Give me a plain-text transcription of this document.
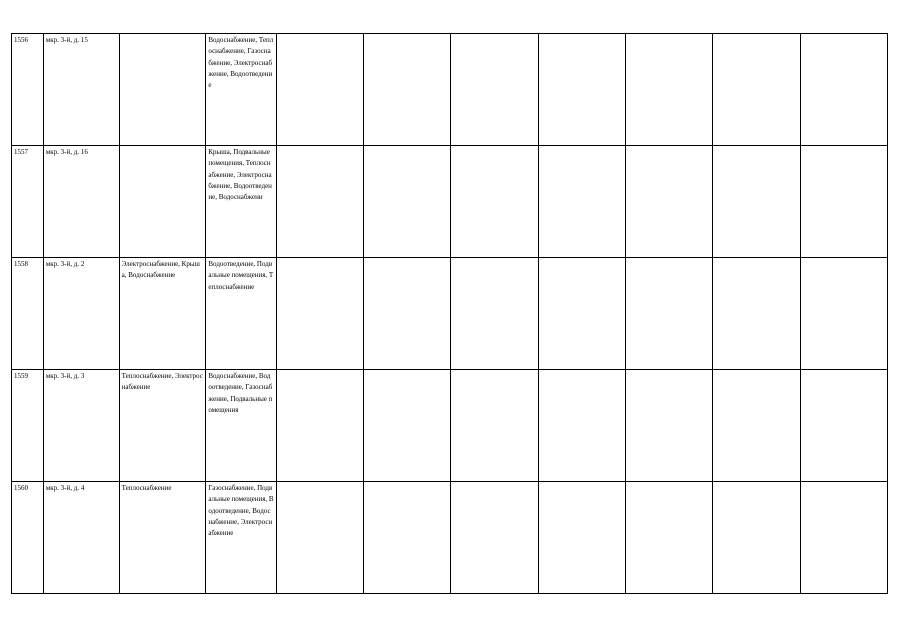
1556	мкр. 3-й, д. 15		Водоснабжение, Теплоснабжение, Газоснабжение, Электроснабжение, Водоотведение							
1557	мкр. 3-й, д. 16		Крыша, Подвальные помещения, Теплоснабжение, Электроснабжение, Водоотведение, Водоснабжени							
1558	мкр. 3-й, д. 2	Электроснабжение, Крыша, Водоснабжение	Водоотведение, Подвальные помещения, Теплоснабжение							
1559	мкр. 3-й, д. 3	Теплоснабжение, Электроснабжение	Водоснабжение, Водоотведение, Газоснабжение, Подвальные помещения							
1560	мкр. 3-й, д. 4	Теплоснабжение	Газоснабжение, Подвальные помещения, Водоотведение, Водоснабжение, Электроснабжение							
